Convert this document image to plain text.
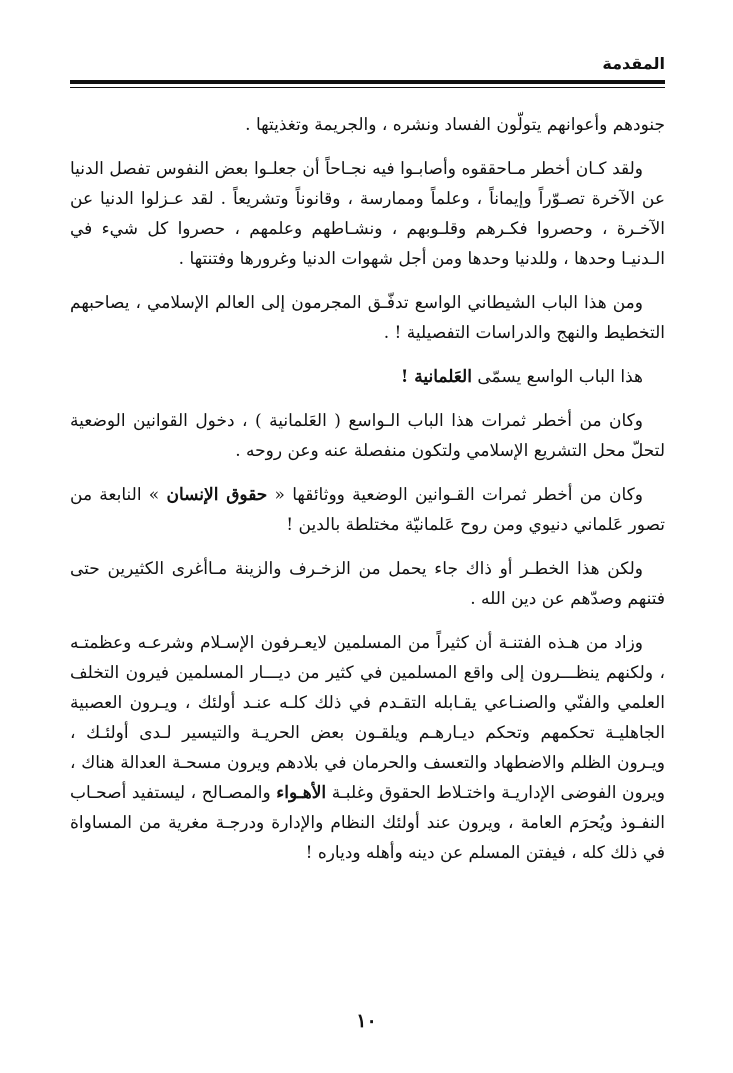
المقدمة

جنودهم وأعوانهم يتولّون الفساد ونشره ، والجريمة وتغذيتها .

ولقد كـان أخطر مـاحققوه وأصابـوا فيه نجـاحاً أن جعلـوا بعض النفوس تفصل الدنيا عن الآخرة تصـوّراً وإيماناً ، وعلماً وممارسة ، وقانوناً وتشريعاً . لقد عـزلوا الدنيا عن الآخـرة ، وحصروا فكـرهم وقلـوبهم ، ونشـاطهم وعلمهم ، حصروا كل شيء في الـدنيـا وحدها ، وللدنيا وحدها ومن أجل شهوات الدنيا وغرورها وفتنتها .

ومن هذا الباب الشيطاني الواسع تدفّـق المجرمون إلى العالم الإسلامي ، يصاحبهم التخطيط والنهج والدراسات التفصيلية ! .

هذا الباب الواسع يسمّى العَلمانية !

وكان من أخطر ثمرات هذا الباب الـواسع ( العَلمانية ) ، دخول القوانين الوضعية لتحلّ محل التشريع الإسلامي ولتكون منفصلة عنه وعن روحه .

وكان من أخطر ثمرات القـوانين الوضعية ووثائقها « حقوق الإنسان » النابعة من تصور عَلماني دنيوي ومن روح عَلمانيّة مختلطة بالدين !

ولكن هذا الخطـر أو ذاك جاء يحمل من الزخـرف والزينة مـاأغرى الكثيرين حتى فتنهم وصدّهم عن دين الله .

وزاد من هـذه الفتنـة أن كثيراً من المسلمين لايعـرفون الإسـلام وشرعـه وعظمتـه ، ولكنهم ينظـــرون إلى واقع المسلمين في كثير من ديـــار المسلمين فيرون التخلف العلمي والفنّي والصنـاعي يقـابله التقـدم في ذلك كلـه عنـد أولئك ، ويـرون العصبية الجاهليـة تحكمهم وتحكم ديـارهـم ويلقـون بعض الحريـة والتيسير لـدى أولئـك ، ويـرون الظلم والاضطهاد والتعسف والحرمان في بلادهم ويرون مسحـة العدالة هناك ، ويرون الفوضى الإداريـة واختـلاط الحقوق وغلبـة الأهـواء والمصـالح ، ليستفيد أصحـاب النفـوذ ويُحرَم العامة ، ويرون عند أولئك النظام والإدارة ودرجـة مغرية من المساواة في ذلك كله ، فيفتن المسلم عن دينه وأهله ودياره !

١٠
